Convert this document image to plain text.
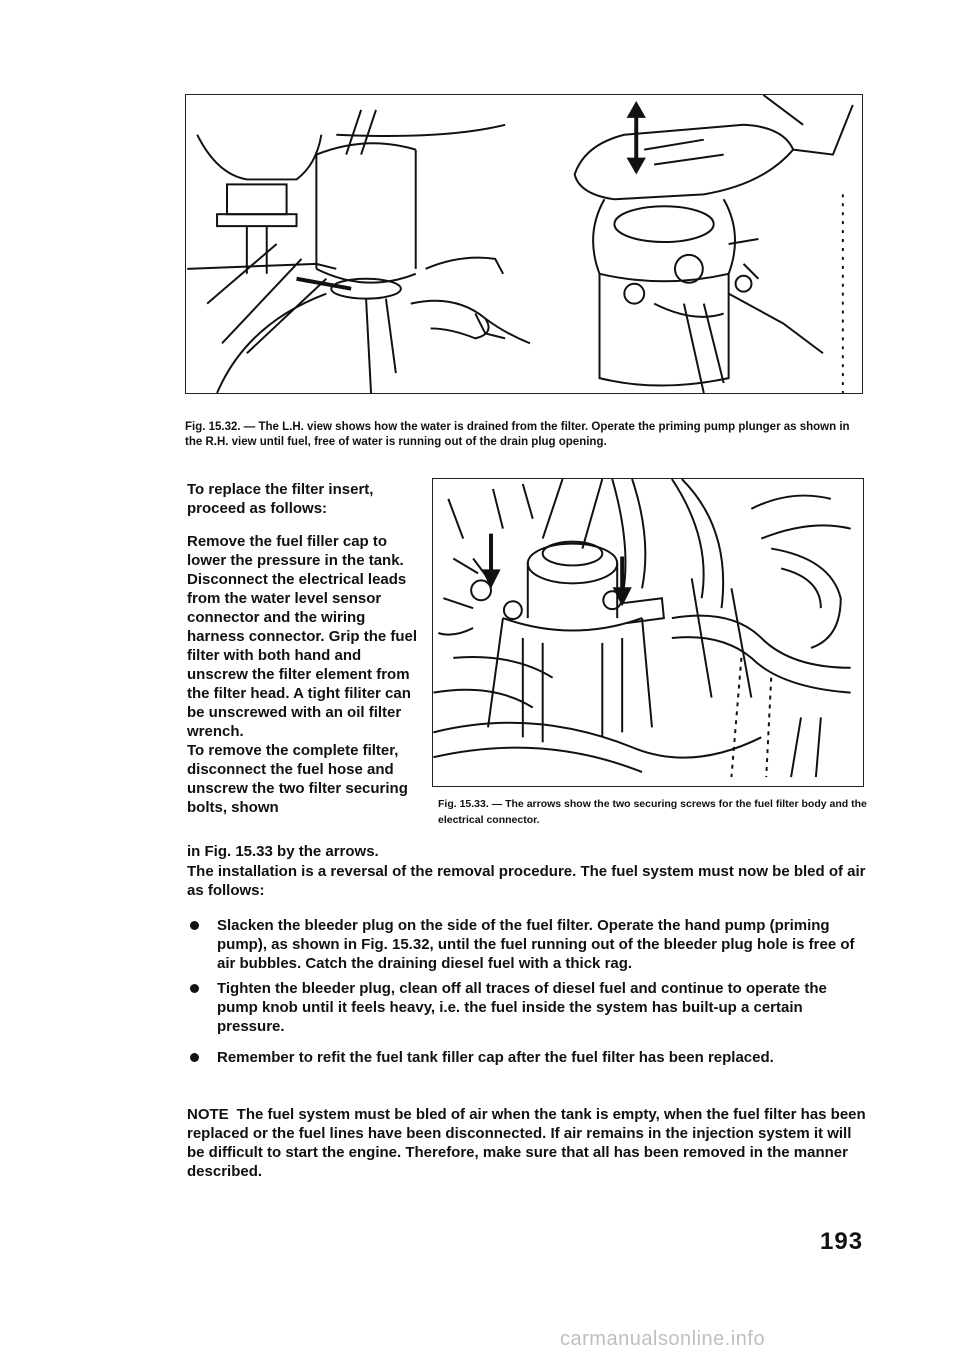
Fig. 15.32. — The L.H. view shows how the water is drained from the filter. Operate the priming pump plunger as shown in the R.H. view until fuel, free of water is running out of the drain plug opening.

To replace the filter insert, proceed as follows:

Remove the fuel filler cap to lower the pressure in the tank. Disconnect the electrical leads from the water level sensor connector and the wiring harness connector. Grip the fuel filter with both hand and unscrew the filter element from the filter head. A tight filiter can be unscrewed with an oil filter wrench.

To remove the complete filter, disconnect the fuel hose and unscrew the two filter securing bolts, shown

in Fig. 15.33 by the arrows.

Fig. 15.33. — The arrows show the two securing screws for the fuel filter body and the electrical connector.

The installation is a reversal of the removal procedure. The fuel system must now be bled of air as follows:

Slacken the bleeder plug on the side of the fuel filter. Operate the hand pump (priming pump), as shown in Fig. 15.32, until the fuel running out of the bleeder plug hole is free of air bubbles. Catch the draining diesel fuel with a thick rag.
Tighten the bleeder plug, clean off all traces of diesel fuel and continue to operate the pump knob until it feels heavy, i.e. the fuel inside the system has built-up a certain pressure.
Remember to refit the fuel tank filler cap after the fuel filter has been replaced.

NOTE The fuel system must be bled of air when the tank is empty, when the fuel filter has been replaced or the fuel lines have been disconnected. If air remains in the injection system it will be difficult to start the engine. Therefore, make sure that all has been removed in the manner described.

193
carmanualsonline.info
